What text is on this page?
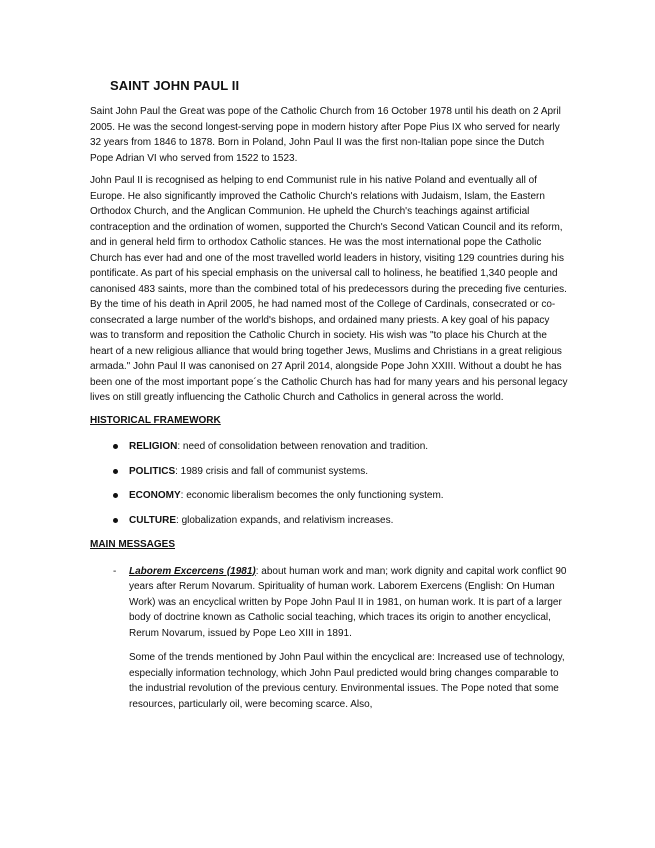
SAINT JOHN PAUL II

Saint John Paul the Great was pope of the Catholic Church from 16 October 1978 until his death on 2 April 2005. He was the second longest-serving pope in modern history after Pope Pius IX who served for nearly 32 years from 1846 to 1878. Born in Poland, John Paul II was the first non-Italian pope since the Dutch Pope Adrian VI who served from 1522 to 1523.

John Paul II is recognised as helping to end Communist rule in his native Poland and eventually all of Europe. He also significantly improved the Catholic Church's relations with Judaism, Islam, the Eastern Orthodox Church, and the Anglican Communion. He upheld the Church's teachings against artificial contraception and the ordination of women, supported the Church's Second Vatican Council and its reform, and in general held firm to orthodox Catholic stances. He was the most international pope the Catholic Church has ever had and one of the most travelled world leaders in history, visiting 129 countries during his pontificate. As part of his special emphasis on the universal call to holiness, he beatified 1,340 people and canonised 483 saints, more than the combined total of his predecessors during the preceding five centuries. By the time of his death in April 2005, he had named most of the College of Cardinals, consecrated or co-consecrated a large number of the world's bishops, and ordained many priests. A key goal of his papacy was to transform and reposition the Catholic Church in society. His wish was "to place his Church at the heart of a new religious alliance that would bring together Jews, Muslims and Christians in a great religious armada." John Paul II was canonised on 27 April 2014, alongside Pope John XXIII. Without a doubt he has been one of the most important pope´s the Catholic Church has had for many years and his personal legacy lives on still greatly influencing the Catholic Church and Catholics in general across the world.

HISTORICAL FRAMEWORK
RELIGION: need of consolidation between renovation and tradition.
POLITICS: 1989 crisis and fall of communist systems.
ECONOMY: economic liberalism becomes the only functioning system.
CULTURE: globalization expands, and relativism increases.
MAIN MESSAGES
- Laborem Excercens (1981): about human work and man; work dignity and capital work conflict 90 years after Rerum Novarum. Spirituality of human work. Laborem Exercens (English: On Human Work) was an encyclical written by Pope John Paul II in 1981, on human work. It is part of a larger body of doctrine known as Catholic social teaching, which traces its origin to another encyclical, Rerum Novarum, issued by Pope Leo XIII in 1891.

Some of the trends mentioned by John Paul within the encyclical are: Increased use of technology, especially information technology, which John Paul predicted would bring changes comparable to the industrial revolution of the previous century. Environmental issues. The Pope noted that some resources, particularly oil, were becoming scarce. Also,
